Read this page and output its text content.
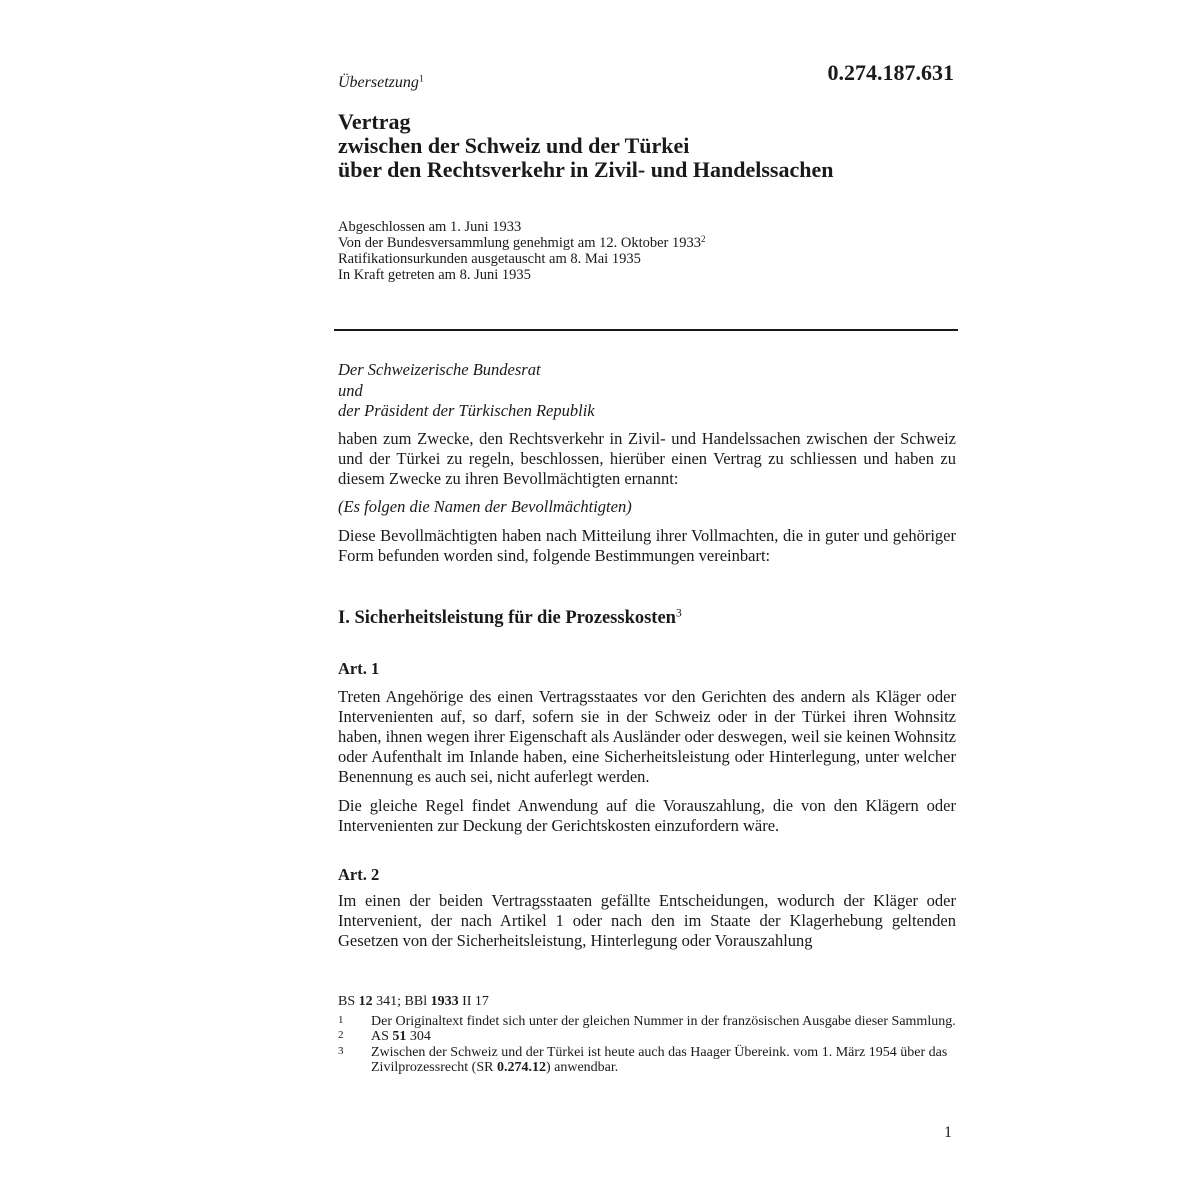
Übersetzung$^1$	0.274.187.631
Vertrag
zwischen der Schweiz und der Türkei
über den Rechtsverkehr in Zivil- und Handelssachen
Abgeschlossen am 1. Juni 1933
Von der Bundesversammlung genehmigt am 12. Oktober 1933$^2$
Ratifikationsurkunden ausgetauscht am 8. Mai 1935
In Kraft getreten am 8. Juni 1935
Der Schweizerische Bundesrat
und
der Präsident der Türkischen Republik

haben zum Zwecke, den Rechtsverkehr in Zivil- und Handelssachen zwischen der Schweiz und der Türkei zu regeln, beschlossen, hierüber einen Vertrag zu schliessen und haben zu diesem Zwecke zu ihren Bevollmächtigten ernannt:

(Es folgen die Namen der Bevollmächtigten)

Diese Bevollmächtigten haben nach Mitteilung ihrer Vollmachten, die in guter und gehöriger Form befunden worden sind, folgende Bestimmungen vereinbart:

I. Sicherheitsleistung für die Prozesskosten$^3$
Art. 1

Treten Angehörige des einen Vertragsstaates vor den Gerichten des andern als Kläger oder Intervenienten auf, so darf, sofern sie in der Schweiz oder in der Türkei ihren Wohnsitz haben, ihnen wegen ihrer Eigenschaft als Ausländer oder deswegen, weil sie keinen Wohnsitz oder Aufenthalt im Inlande haben, eine Sicherheitsleistung oder Hinterlegung, unter welcher Benennung es auch sei, nicht auferlegt werden.

Die gleiche Regel findet Anwendung auf die Vorauszahlung, die von den Klägern oder Intervenienten zur Deckung der Gerichtskosten einzufordern wäre.

Art. 2

Im einen der beiden Vertragsstaaten gefällte Entscheidungen, wodurch der Kläger oder Intervenient, der nach Artikel 1 oder nach den im Staate der Klagerhebung geltenden Gesetzen von der Sicherheitsleistung, Hinterlegung oder Vorauszahlung

BS 12 341; BBl 1933 II 17
1	Der Originaltext findet sich unter der gleichen Nummer in der französischen Ausgabe dieser Sammlung.
2	AS 51 304
3	Zwischen der Schweiz und der Türkei ist heute auch das Haager Übereink. vom 1. März 1954 über das Zivilprozessrecht (SR 0.274.12) anwendbar.
1
